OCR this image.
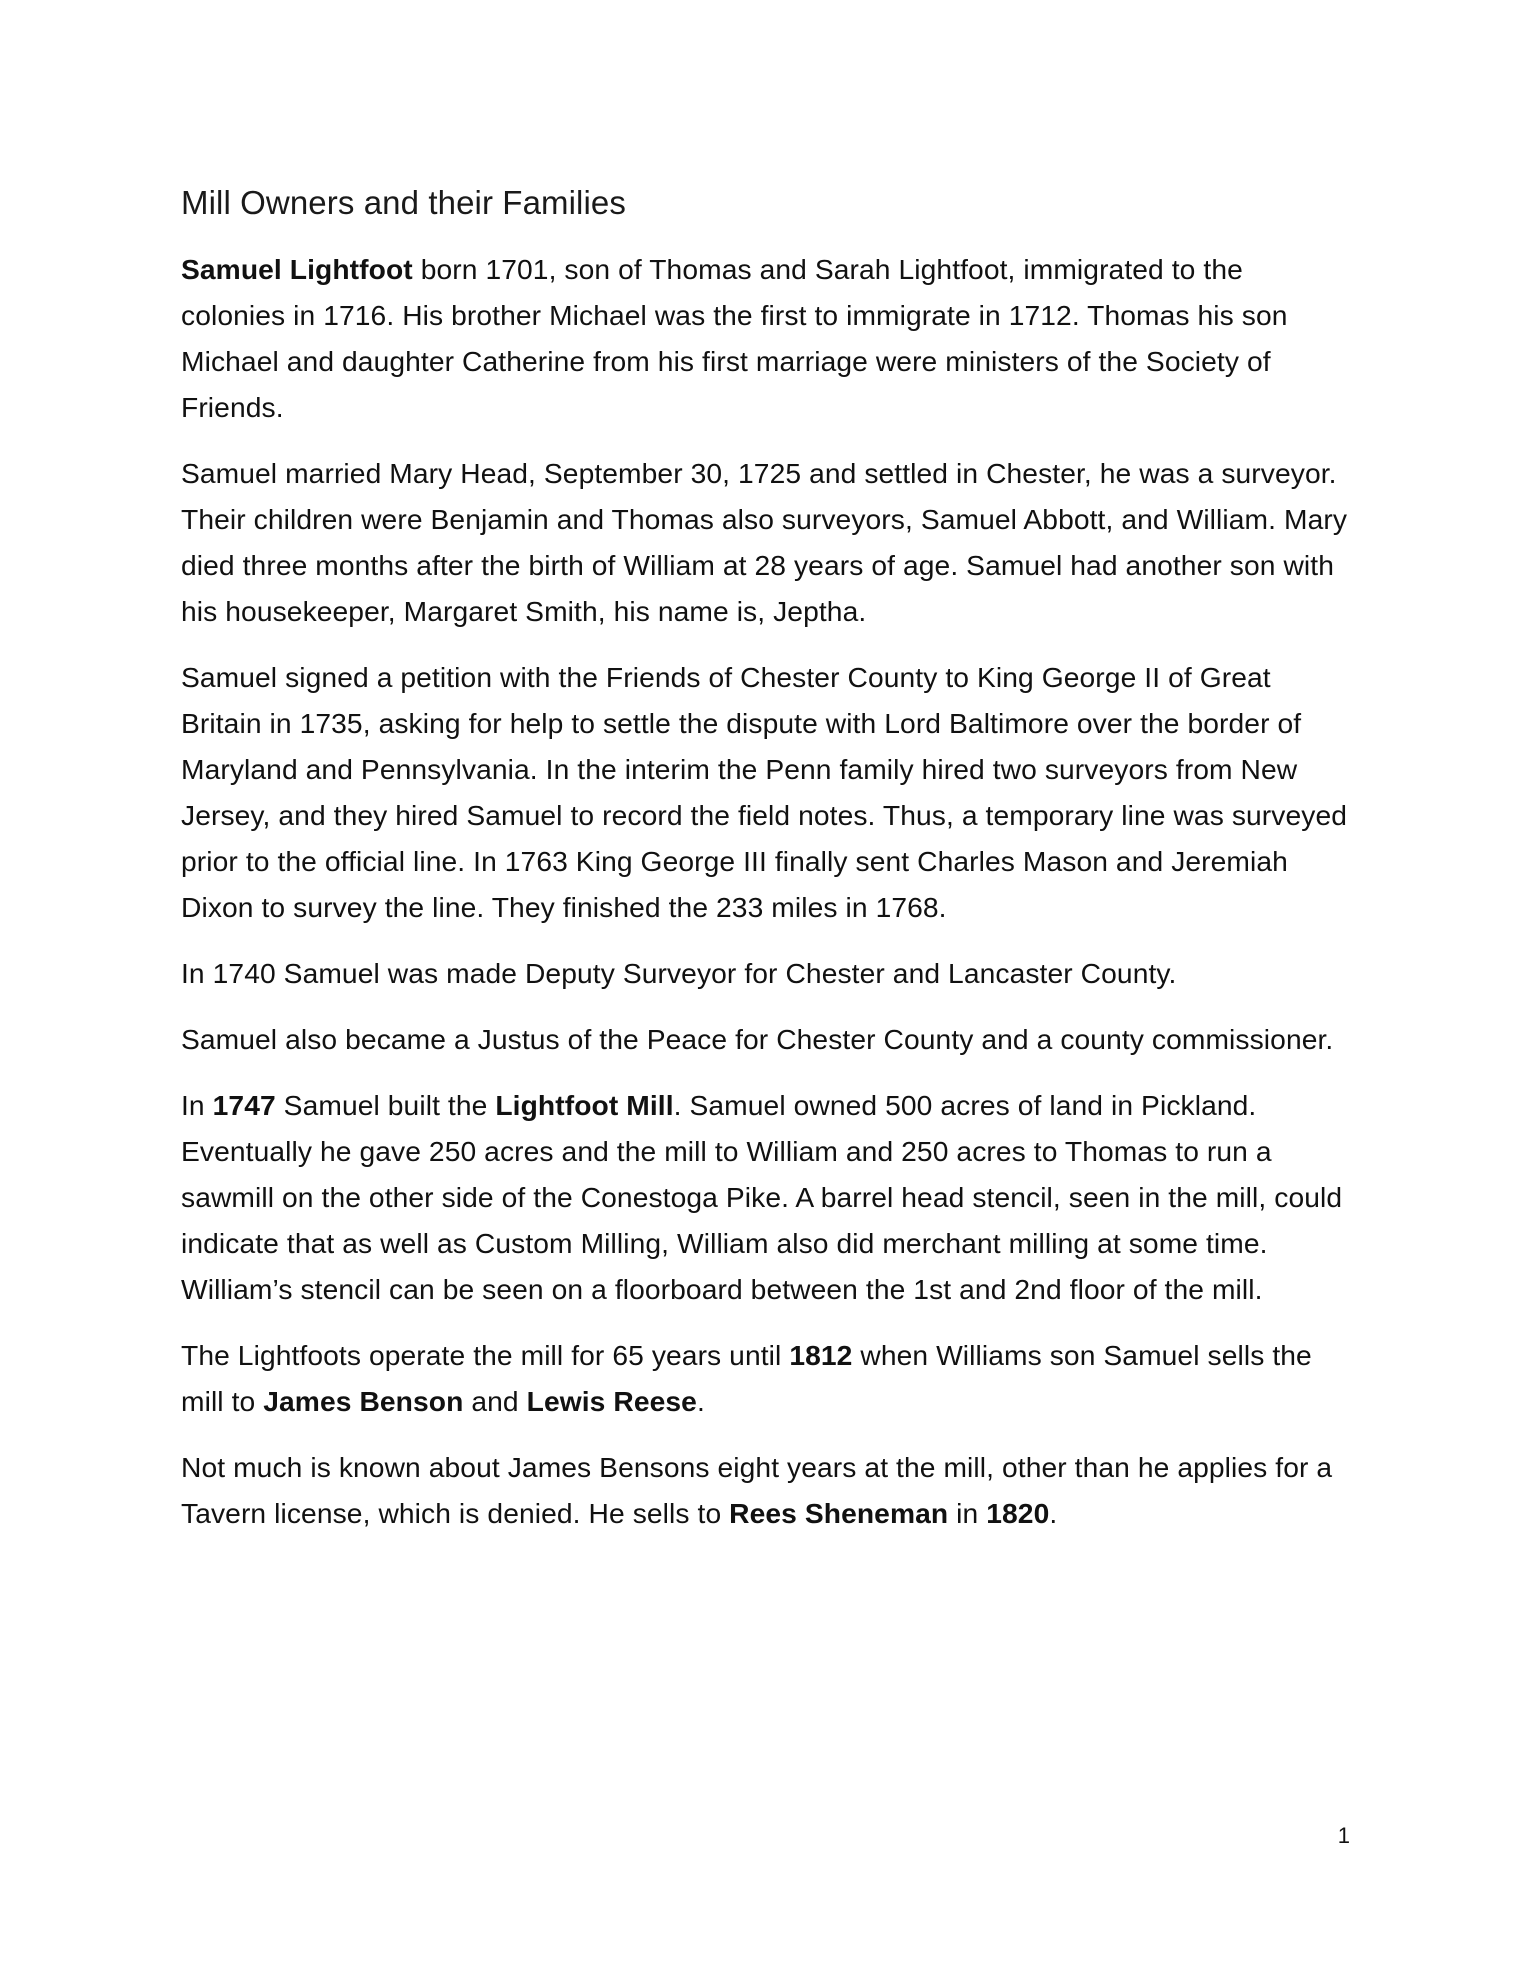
Mill Owners and their Families

Samuel Lightfoot born 1701, son of Thomas and Sarah Lightfoot, immigrated to the colonies in 1716. His brother Michael was the first to immigrate in 1712. Thomas his son Michael and daughter Catherine from his first marriage were ministers of the Society of Friends.

Samuel married Mary Head, September 30, 1725 and settled in Chester, he was a surveyor. Their children were Benjamin and Thomas also surveyors, Samuel Abbott, and William. Mary died three months after the birth of William at 28 years of age. Samuel had another son with his housekeeper, Margaret Smith, his name is, Jeptha.

Samuel signed a petition with the Friends of Chester County to King George II of Great Britain in 1735, asking for help to settle the dispute with Lord Baltimore over the border of Maryland and Pennsylvania. In the interim the Penn family hired two surveyors from New Jersey, and they hired Samuel to record the field notes. Thus, a temporary line was surveyed prior to the official line. In 1763 King George III finally sent Charles Mason and Jeremiah Dixon to survey the line. They finished the 233 miles in 1768.

In 1740 Samuel was made Deputy Surveyor for Chester and Lancaster County.

Samuel also became a Justus of the Peace for Chester County and a county commissioner.

In 1747 Samuel built the Lightfoot Mill. Samuel owned 500 acres of land in Pickland. Eventually he gave 250 acres and the mill to William and 250 acres to Thomas to run a sawmill on the other side of the Conestoga Pike. A barrel head stencil, seen in the mill, could indicate that as well as Custom Milling, William also did merchant milling at some time. William’s stencil can be seen on a floorboard between the 1st and 2nd floor of the mill.

The Lightfoots operate the mill for 65 years until 1812 when Williams son Samuel sells the mill to James Benson and Lewis Reese.

Not much is known about James Bensons eight years at the mill, other than he applies for a Tavern license, which is denied. He sells to Rees Sheneman in 1820.

1
